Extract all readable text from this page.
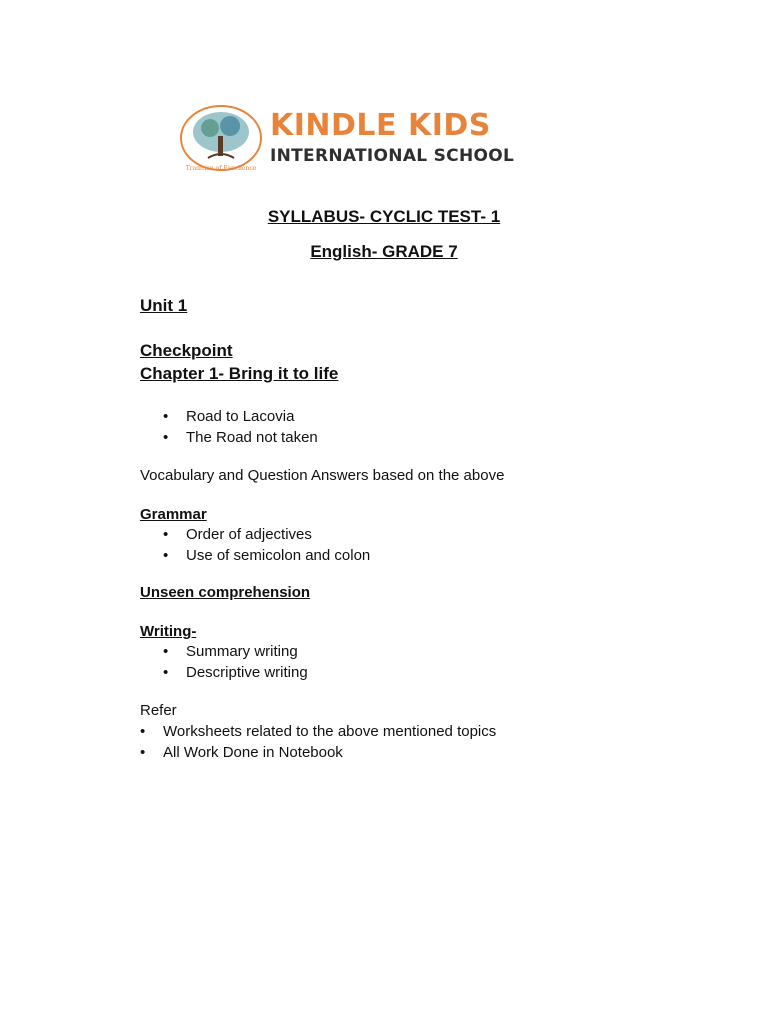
Tradition of Excellence
KINDLE KIDS
INTERNATIONAL SCHOOL
SYLLABUS- CYCLIC TEST- 1
English- GRADE 7
Unit 1
Checkpoint
Chapter 1- Bring it to life
• Road to Lacovia
• The Road not taken
Vocabulary and Question Answers based on the above
Grammar
• Order of adjectives
• Use of semicolon and colon
Unseen comprehension
Writing-
• Summary writing
• Descriptive writing
Refer
• Worksheets related to the above mentioned topics
• All Work Done in Notebook
